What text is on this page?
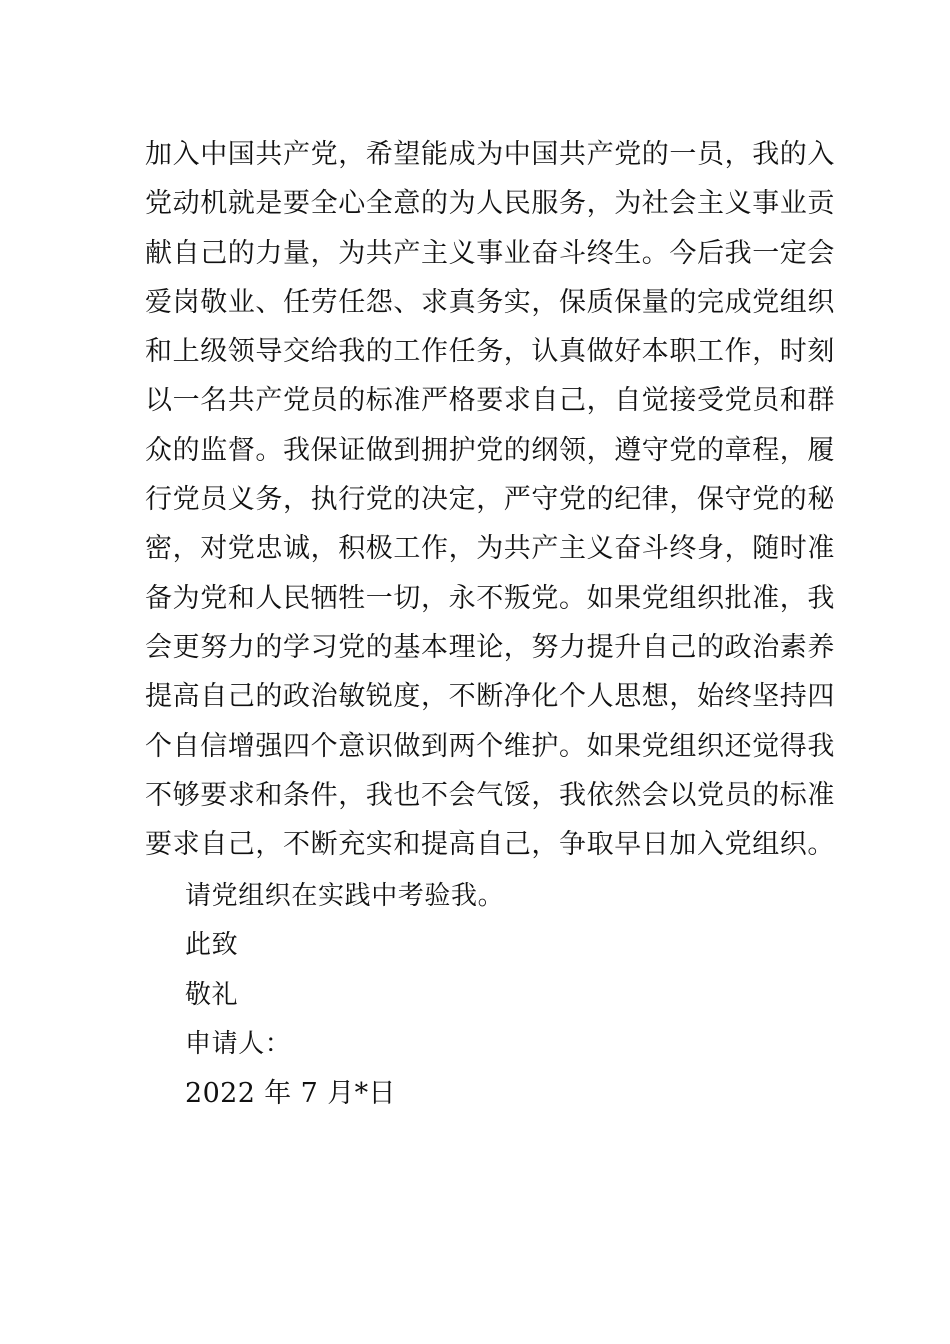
加入中国共产党，希望能成为中国共产党的一员，我的入
党动机就是要全心全意的为人民服务，为社会主义事业贡
献自己的力量，为共产主义事业奋斗终生。今后我一定会
爱岗敬业、任劳任怨、求真务实，保质保量的完成党组织
和上级领导交给我的工作任务，认真做好本职工作，时刻
以一名共产党员的标准严格要求自己，自觉接受党员和群
众的监督。我保证做到拥护党的纲领，遵守党的章程，履
行党员义务，执行党的决定，严守党的纪律，保守党的秘
密，对党忠诚，积极工作，为共产主义奋斗终身，随时准
备为党和人民牺牲一切，永不叛党。如果党组织批准，我
会更努力的学习党的基本理论，努力提升自己的政治素养
提高自己的政治敏锐度，不断净化个人思想，始终坚持四
个自信增强四个意识做到两个维护。如果党组织还觉得我
不够要求和条件，我也不会气馁，我依然会以党员的标准
要求自己，不断充实和提高自己，争取早日加入党组织。
请党组织在实践中考验我。
此致
敬礼
申请人：
2022 年 7 月*日
